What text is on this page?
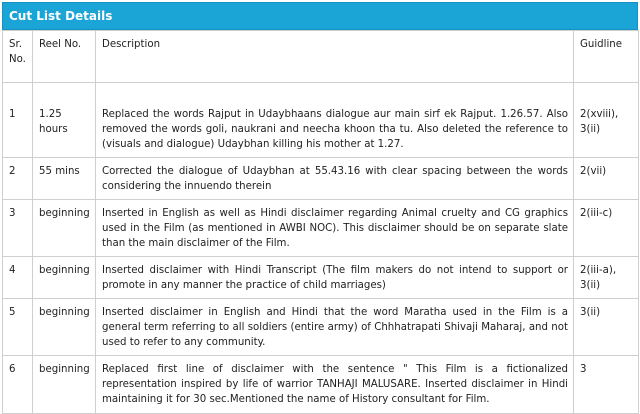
Cut List Details
Sr. No.	Reel No.	Description	Guidline
1	1.25 hours	Replaced the words Rajput in Udaybhaans dialogue aur main sirf ek Rajput. 1.26.57. Also removed the words goli, naukrani and neecha khoon tha tu. Also deleted the reference to (visuals and dialogue) Udaybhan killing his mother at 1.27.	2(xviii), 3(ii)
2	55 mins	Corrected the dialogue of Udaybhan at 55.43.16 with clear spacing between the words considering the innuendo therein	2(vii)
3	beginning	Inserted in English as well as Hindi disclaimer regarding Animal cruelty and CG graphics used in the Film (as mentioned in AWBI NOC). This disclaimer should be on separate slate than the main disclaimer of the Film.	2(iii-c)
4	beginning	Inserted disclaimer with Hindi Transcript (The film makers do not intend to support or promote in any manner the practice of child marriages)	2(iii-a), 3(ii)
5	beginning	Inserted disclaimer in English and Hindi that the word Maratha used in the Film is a general term referring to all soldiers (entire army) of Chhhatrapati Shivaji Maharaj, and not used to refer to any community.	3(ii)
6	beginning	Replaced first line of disclaimer with the sentence " This Film is a fictionalized representation inspired by life of warrior TANHAJI MALUSARE. Inserted disclaimer in Hindi maintaining it for 30 sec.Mentioned the name of History consultant for Film.	3
